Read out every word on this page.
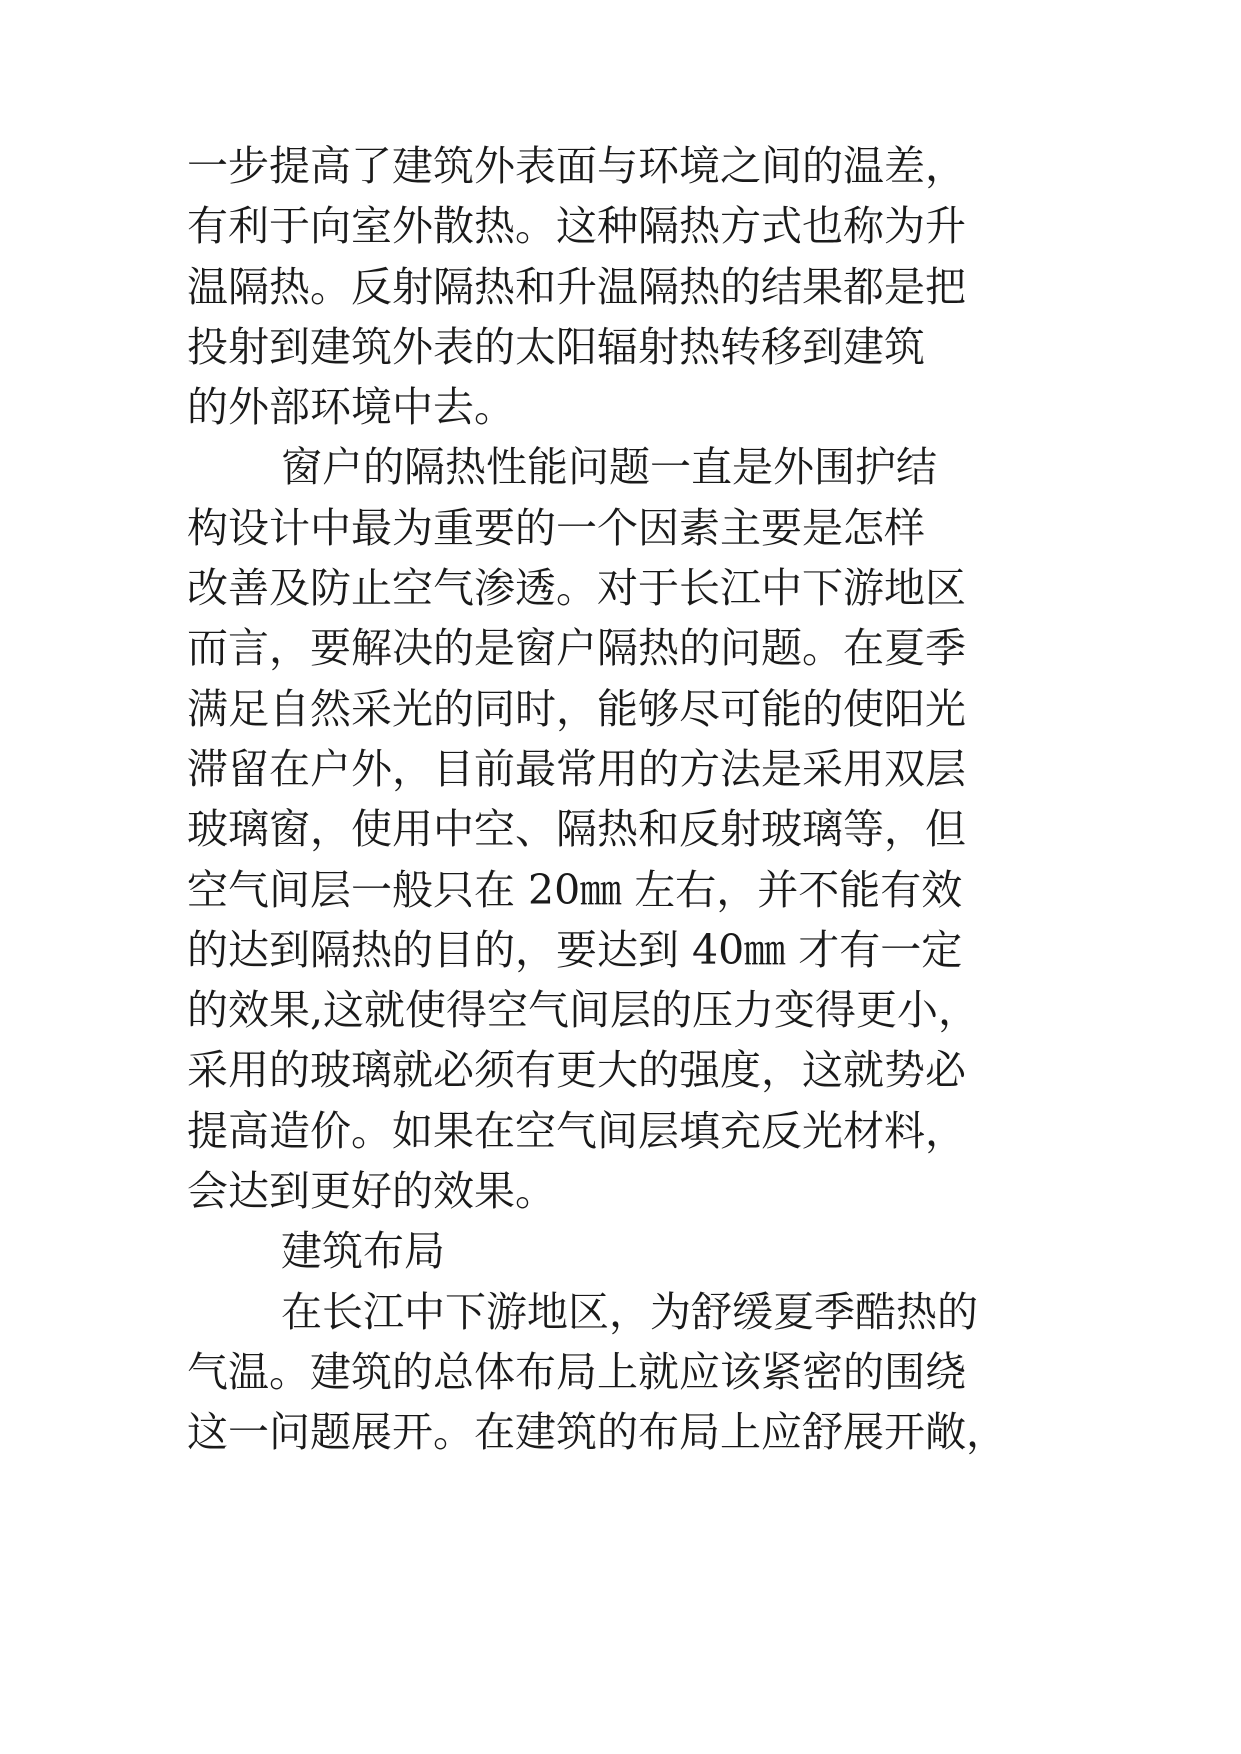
一步提高了建筑外表面与环境之间的温差，
有利于向室外散热。这种隔热方式也称为升
温隔热。反射隔热和升温隔热的结果都是把
投射到建筑外表的太阳辐射热转移到建筑
的外部环境中去。
窗户的隔热性能问题一直是外围护结
构设计中最为重要的一个因素主要是怎样
改善及防止空气渗透。对于长江中下游地区
而言，要解决的是窗户隔热的问题。在夏季
满足自然采光的同时，能够尽可能的使阳光
滞留在户外，目前最常用的方法是采用双层
玻璃窗，使用中空、隔热和反射玻璃等，但
空气间层一般只在 20㎜ 左右，并不能有效
的达到隔热的目的，要达到 40㎜ 才有一定
的效果,这就使得空气间层的压力变得更小，
采用的玻璃就必须有更大的强度，这就势必
提高造价。如果在空气间层填充反光材料，
会达到更好的效果。
建筑布局
在长江中下游地区，为舒缓夏季酷热的
气温。建筑的总体布局上就应该紧密的围绕
这一问题展开。在建筑的布局上应舒展开敞，
